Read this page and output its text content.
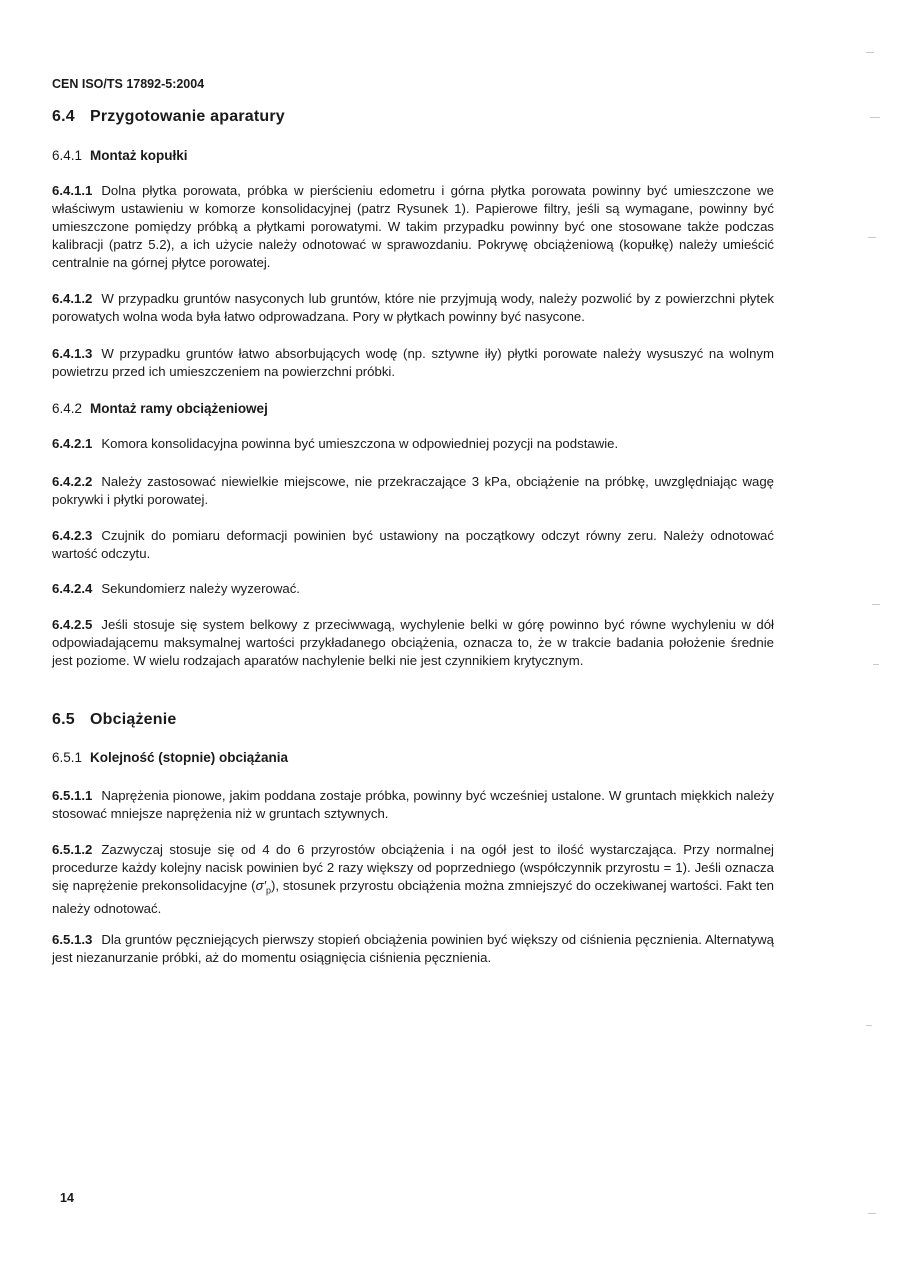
CEN ISO/TS 17892-5:2004
6.4 Przygotowanie aparatury
6.4.1 Montaż kopułki
6.4.1.1 Dolna płytka porowata, próbka w pierścieniu edometru i górna płytka porowata powinny być umieszczone we właściwym ustawieniu w komorze konsolidacyjnej (patrz Rysunek 1). Papierowe filtry, jeśli są wymagane, powinny być umieszczone pomiędzy próbką a płytkami porowatymi. W takim przypadku powinny być one stosowane także podczas kalibracji (patrz 5.2), a ich użycie należy odnotować w sprawozdaniu. Pokrywę obciążeniową (kopułkę) należy umieścić centralnie na górnej płytce porowatej.
6.4.1.2 W przypadku gruntów nasyconych lub gruntów, które nie przyjmują wody, należy pozwolić by z powierzchni płytek porowatych wolna woda była łatwo odprowadzana. Pory w płytkach powinny być nasycone.
6.4.1.3 W przypadku gruntów łatwo absorbujących wodę (np. sztywne iły) płytki porowate należy wysuszyć na wolnym powietrzu przed ich umieszczeniem na powierzchni próbki.
6.4.2 Montaż ramy obciążeniowej
6.4.2.1 Komora konsolidacyjna powinna być umieszczona w odpowiedniej pozycji na podstawie.
6.4.2.2 Należy zastosować niewielkie miejscowe, nie przekraczające 3 kPa, obciążenie na próbkę, uwzględniając wagę pokrywki i płytki porowatej.
6.4.2.3 Czujnik do pomiaru deformacji powinien być ustawiony na początkowy odczyt równy zeru. Należy odnotować wartość odczytu.
6.4.2.4 Sekundomierz należy wyzerować.
6.4.2.5 Jeśli stosuje się system belkowy z przeciwwagą, wychylenie belki w górę powinno być równe wychyleniu w dół odpowiadającemu maksymalnej wartości przykładanego obciążenia, oznacza to, że w trakcie badania położenie średnie jest poziome. W wielu rodzajach aparatów nachylenie belki nie jest czynnikiem krytycznym.
6.5 Obciążenie
6.5.1 Kolejność (stopnie) obciążania
6.5.1.1 Naprężenia pionowe, jakim poddana zostaje próbka, powinny być wcześniej ustalone. W gruntach miękkich należy stosować mniejsze naprężenia niż w gruntach sztywnych.
6.5.1.2 Zazwyczaj stosuje się od 4 do 6 przyrostów obciążenia i na ogół jest to ilość wystarczająca. Przy normalnej procedurze każdy kolejny nacisk powinien być 2 razy większy od poprzedniego (współczynnik przyrostu = 1). Jeśli oznacza się naprężenie prekonsolidacyjne $(\sigma'_p)$, stosunek przyrostu obciążenia można zmniejszyć do oczekiwanej wartości. Fakt ten należy odnotować.
6.5.1.3 Dla gruntów pęczniejących pierwszy stopień obciążenia powinien być większy od ciśnienia pęcznienia. Alternatywą jest niezanurzanie próbki, aż do momentu osiągnięcia ciśnienia pęcznienia.
14
